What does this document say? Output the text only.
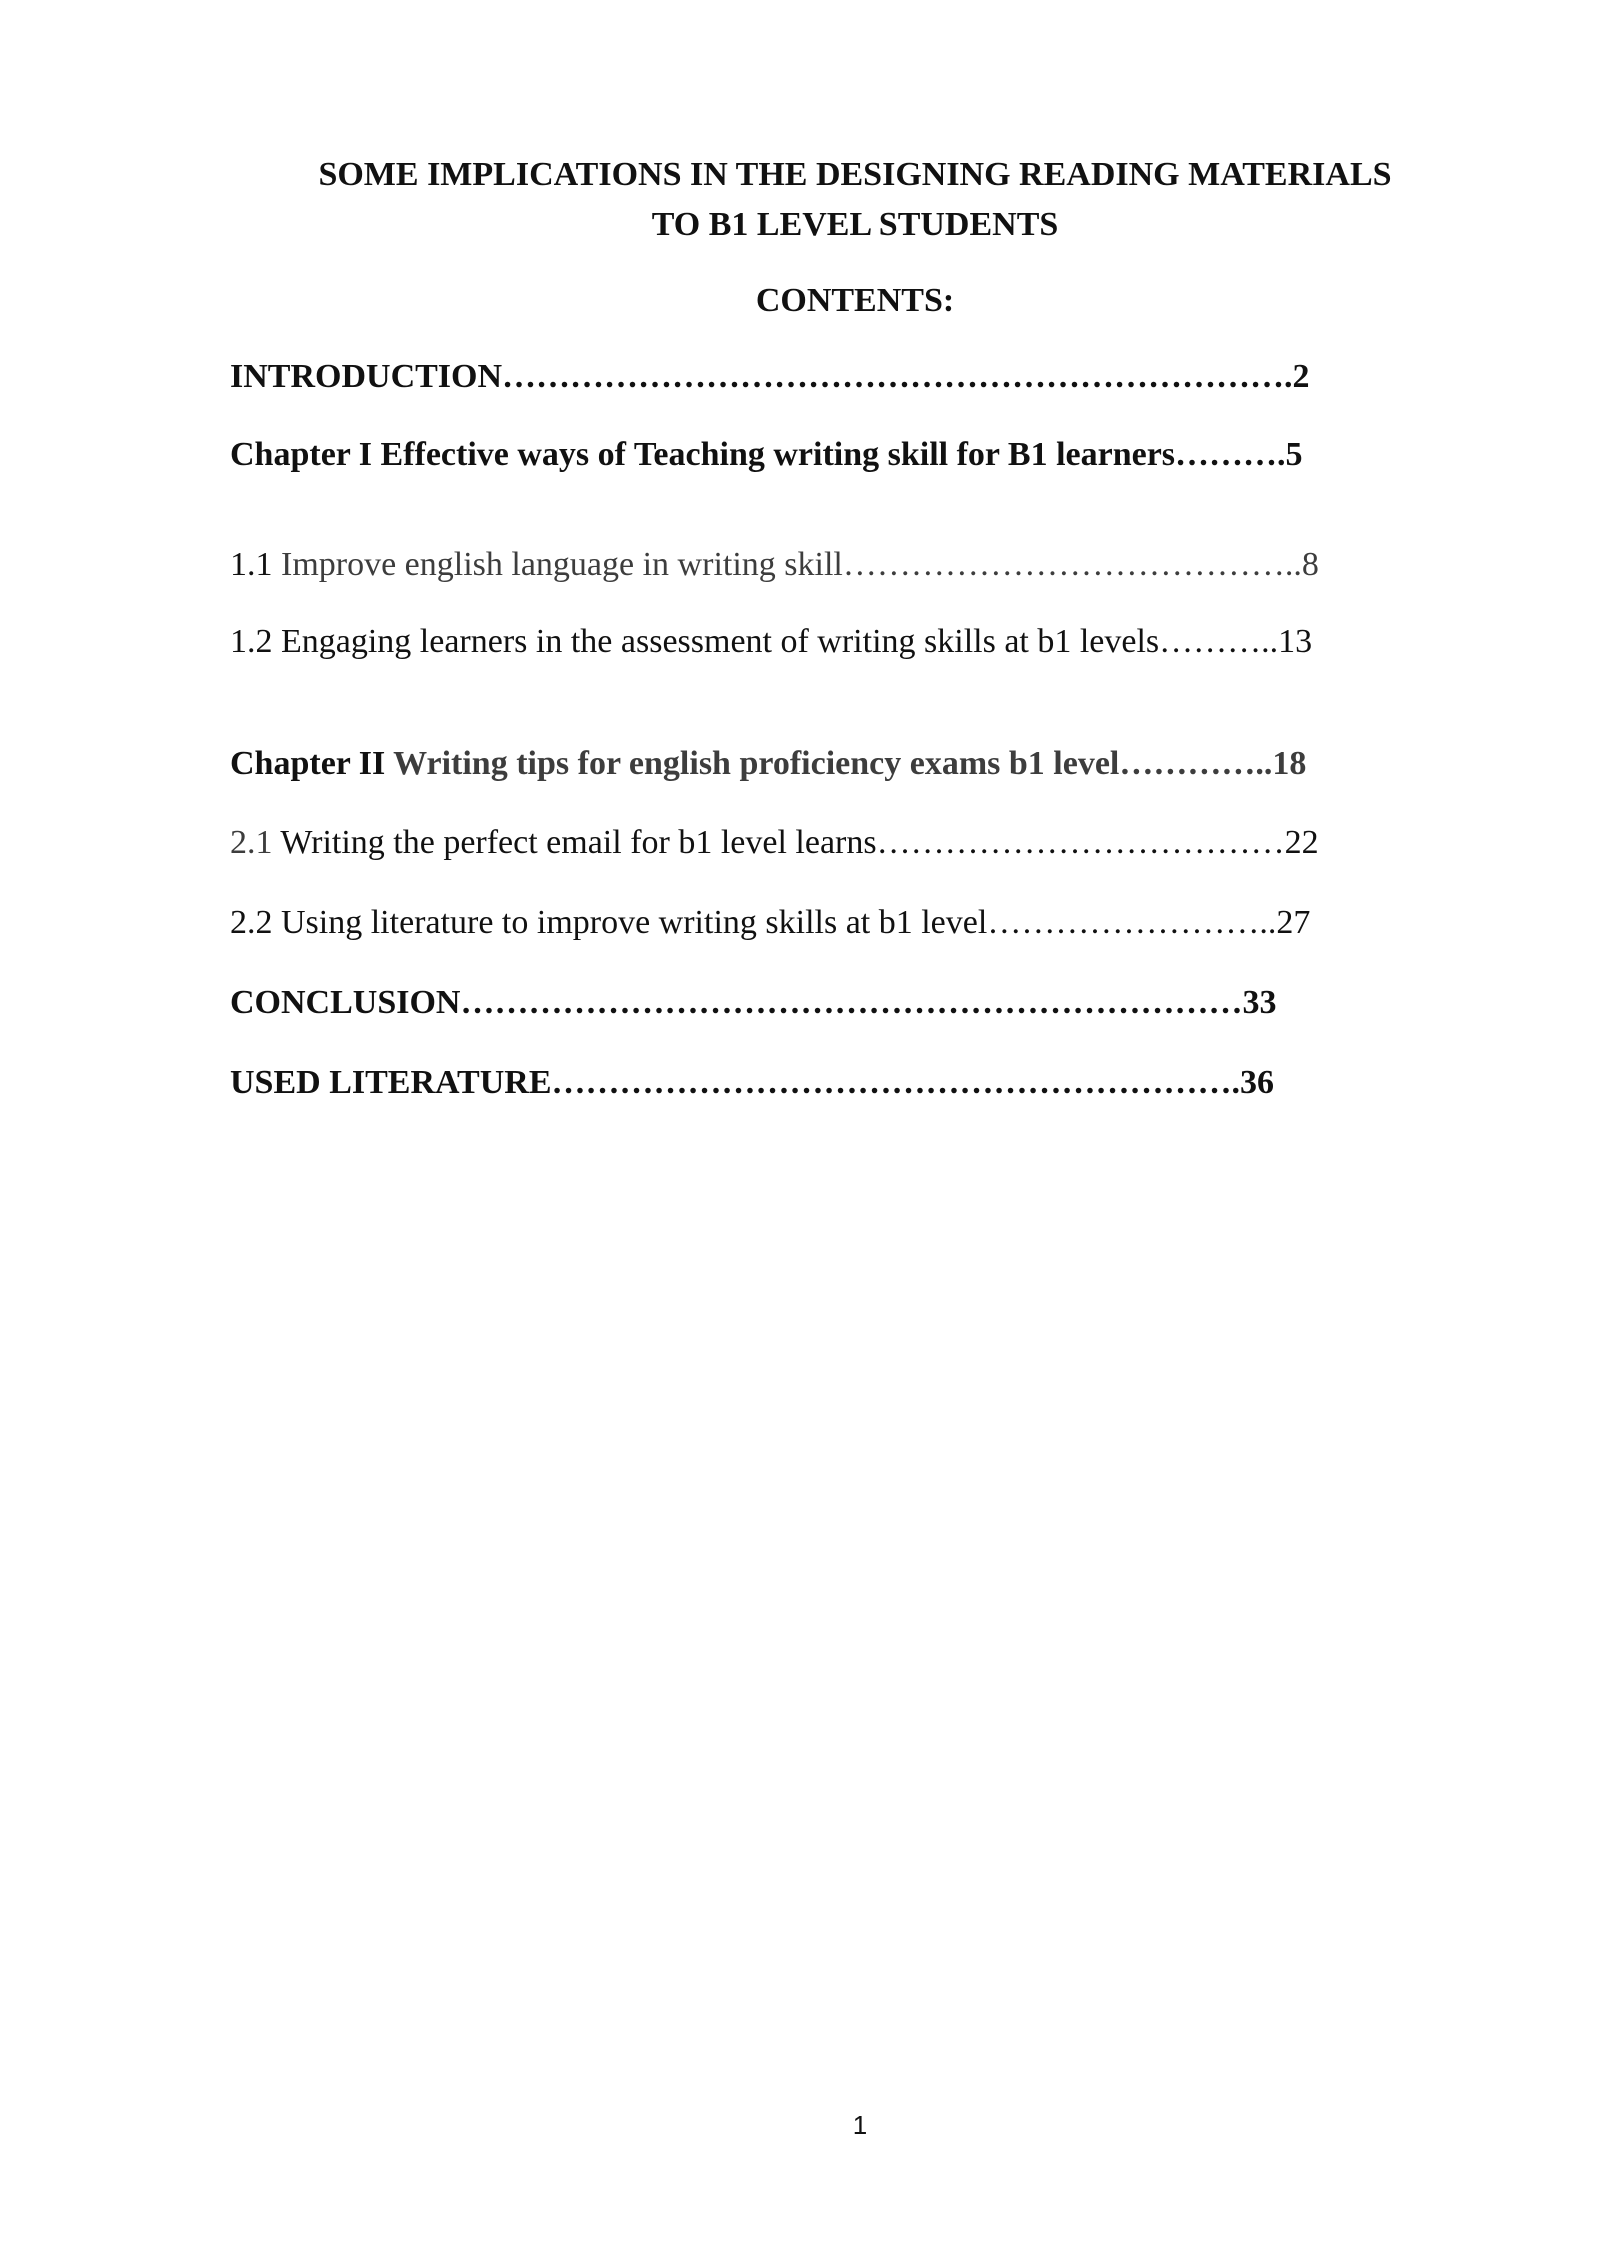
SOME IMPLICATIONS IN THE DESIGNING READING MATERIALS
TO B1 LEVEL STUDENTS
CONTENTS:
INTRODUCTION…………………………………………………………….2
Chapter I Effective ways of Teaching writing skill for B1 learners……….5
1.1 Improve english language in writing skill…………………………………..8
1.2 Engaging learners in the assessment of writing skills at b1 levels………..13
Chapter II Writing tips for english proficiency exams b1 level…………..18
2.1 Writing the perfect email for b1 level learns………………………………22
2.2 Using literature to improve writing skills at b1 level……………………..27
CONCLUSION……………………………………………………………33
USED LITERATURE…………………………………………………….36
1
